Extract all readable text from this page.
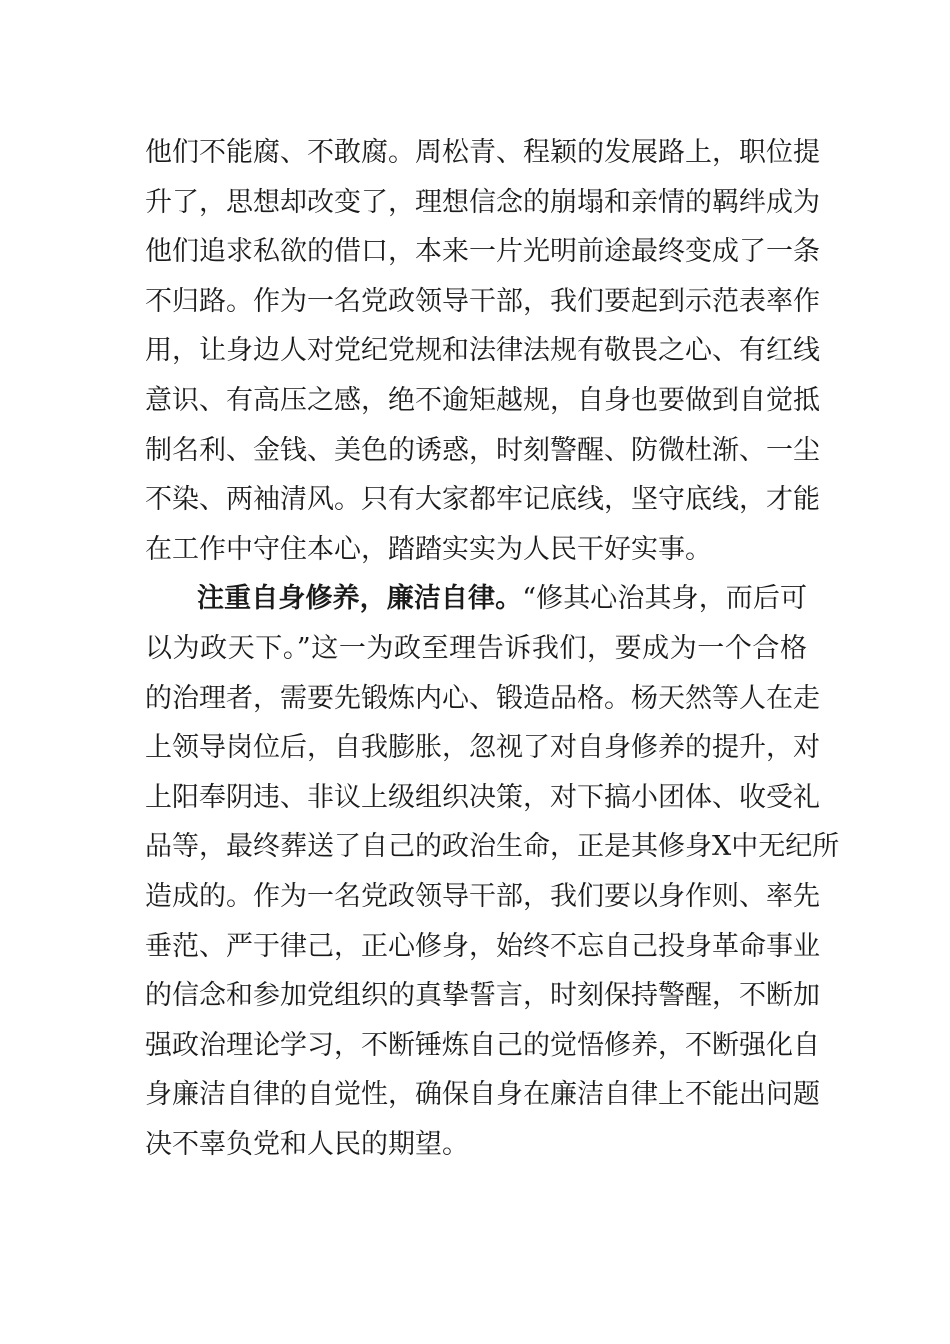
他们不能腐、不敢腐。周松青、程颖的发展路上，职位提
升了，思想却改变了，理想信念的崩塌和亲情的羁绊成为
他们追求私欲的借口，本来一片光明前途最终变成了一条
不归路。作为一名党政领导干部，我们要起到示范表率作
用，让身边人对党纪党规和法律法规有敬畏之心、有红线
意识、有高压之感，绝不逾矩越规，自身也要做到自觉抵
制名利、金钱、美色的诱惑，时刻警醒、防微杜渐、一尘
不染、两袖清风。只有大家都牢记底线，坚守底线，才能
在工作中守住本心，踏踏实实为人民干好实事。
注重自身修养，廉洁自律。“修其心治其身，而后可
以为政天下。”这一为政至理告诉我们，要成为一个合格
的治理者，需要先锻炼内心、锻造品格。杨天然等人在走
上领导岗位后，自我膨胀，忽视了对自身修养的提升，对
上阳奉阴违、非议上级组织决策，对下搞小团体、收受礼
品等，最终葬送了自己的政治生命，正是其修身X中无纪所
造成的。作为一名党政领导干部，我们要以身作则、率先
垂范、严于律己，正心修身，始终不忘自己投身革命事业
的信念和参加党组织的真挚誓言，时刻保持警醒，不断加
强政治理论学习，不断锤炼自己的觉悟修养，不断强化自
身廉洁自律的自觉性，确保自身在廉洁自律上不能出问题
决不辜负党和人民的期望。
